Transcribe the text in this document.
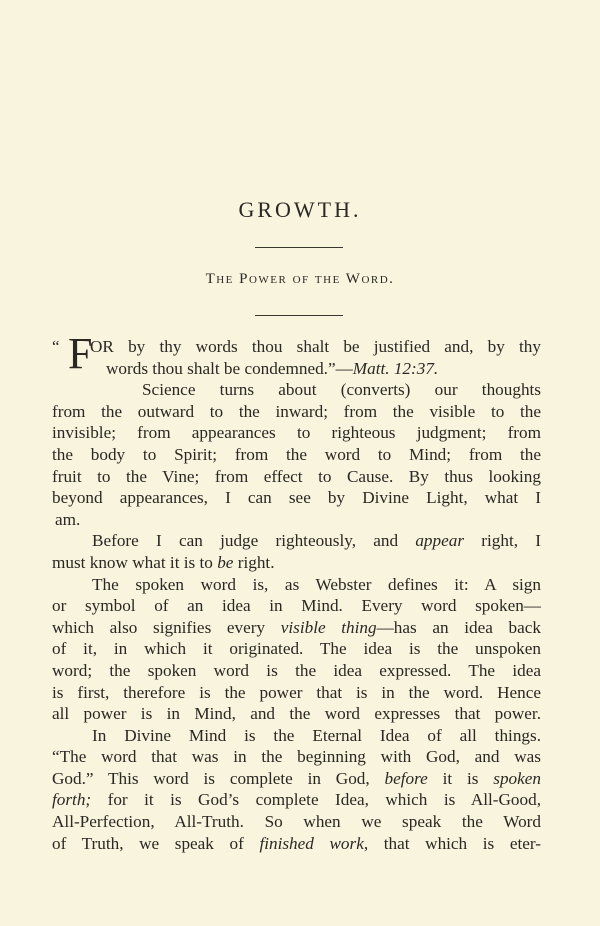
GROWTH.
The Power of the Word.
“ F
OR by thy words thou shalt be justified and, by thy
words thou shalt be condemned.”—Matt. 12:37.
Science turns about (converts) our thoughts
from the outward to the inward; from the visible to the
invisible; from appearances to righteous judgment; from
the body to Spirit; from the word to Mind; from the
fruit to the Vine; from effect to Cause. By thus looking
beyond appearances, I can see by Divine Light, what I
am.
Before I can judge righteously, and appear right, I
must know what it is to be right.
The spoken word is, as Webster defines it: A sign
or symbol of an idea in Mind. Every word spoken—
which also signifies every visible thing—has an idea back
of it, in which it originated. The idea is the unspoken
word; the spoken word is the idea expressed. The idea
is first, therefore is the power that is in the word. Hence
all power is in Mind, and the word expresses that power.
In Divine Mind is the Eternal Idea of all things.
“The word that was in the beginning with God, and was
God.” This word is complete in God, before it is spoken
forth; for it is God’s complete Idea, which is All-Good,
All-Perfection, All-Truth. So when we speak the Word
of Truth, we speak of finished work, that which is eter-
